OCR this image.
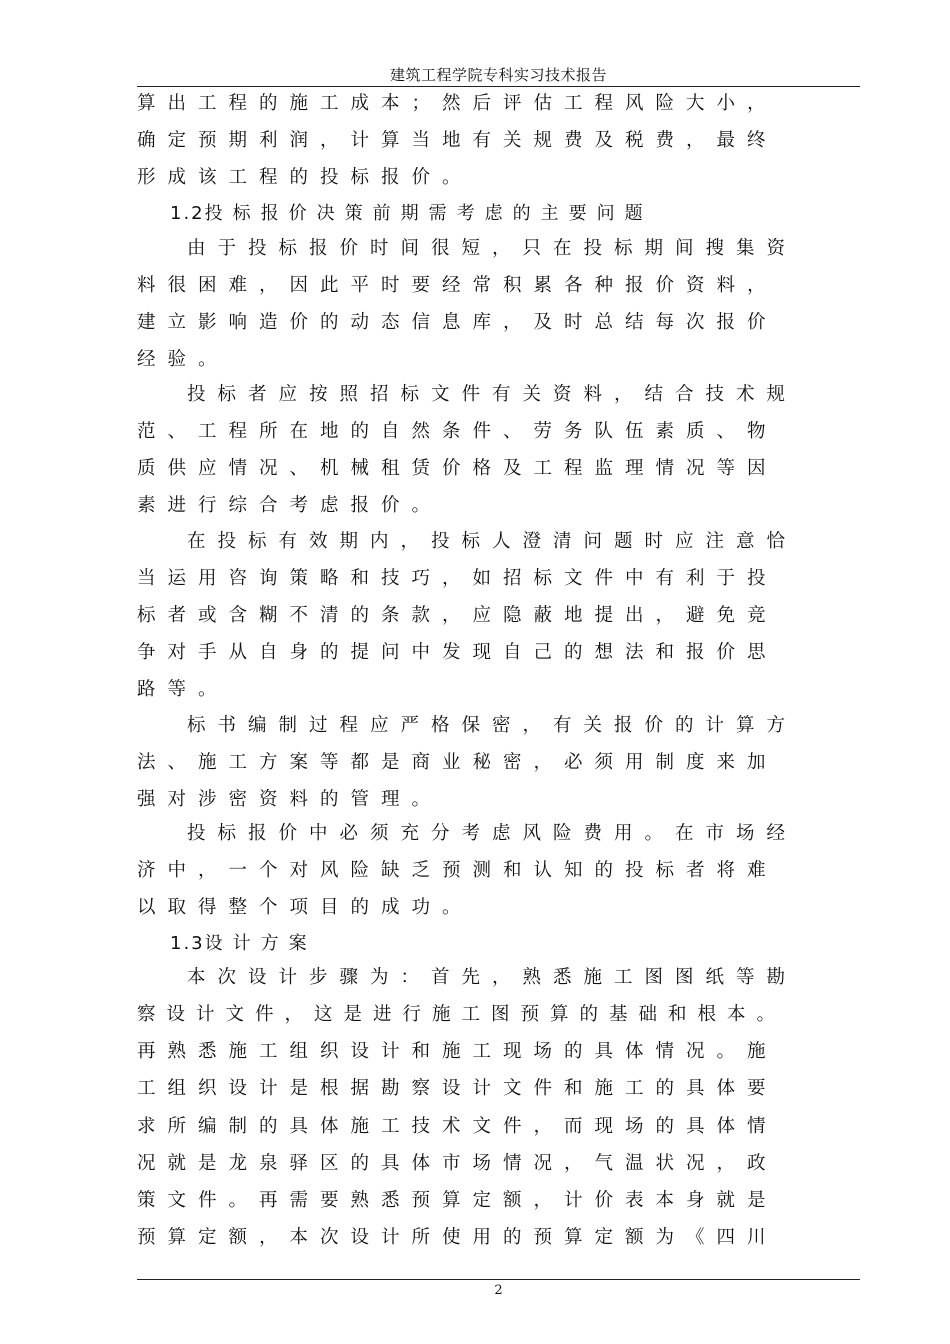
建筑工程学院专科实习技术报告
算出工程的施工成本；然后评估工程风险大小，
确定预期利润，计算当地有关规费及税费，最终
形成该工程的投标报价。
1.2投标报价决策前期需考虑的主要问题
由于投标报价时间很短，只在投标期间搜集资
料很困难，因此平时要经常积累各种报价资料，
建立影响造价的动态信息库，及时总结每次报价
经验。
投标者应按照招标文件有关资料，结合技术规
范、工程所在地的自然条件、劳务队伍素质、物
质供应情况、机械租赁价格及工程监理情况等因
素进行综合考虑报价。
在投标有效期内，投标人澄清问题时应注意恰
当运用咨询策略和技巧，如招标文件中有利于投
标者或含糊不清的条款，应隐蔽地提出，避免竞
争对手从自身的提问中发现自己的想法和报价思
路等。
标书编制过程应严格保密，有关报价的计算方
法、施工方案等都是商业秘密，必须用制度来加
强对涉密资料的管理。
投标报价中必须充分考虑风险费用。在市场经
济中，一个对风险缺乏预测和认知的投标者将难
以取得整个项目的成功。
1.3设计方案
本次设计步骤为：首先，熟悉施工图图纸等勘
察设计文件，这是进行施工图预算的基础和根本。
再熟悉施工组织设计和施工现场的具体情况。施
工组织设计是根据勘察设计文件和施工的具体要
求所编制的具体施工技术文件，而现场的具体情
况就是龙泉驿区的具体市场情况，气温状况，政
策文件。再需要熟悉预算定额，计价表本身就是
预算定额，本次设计所使用的预算定额为《四川
2
